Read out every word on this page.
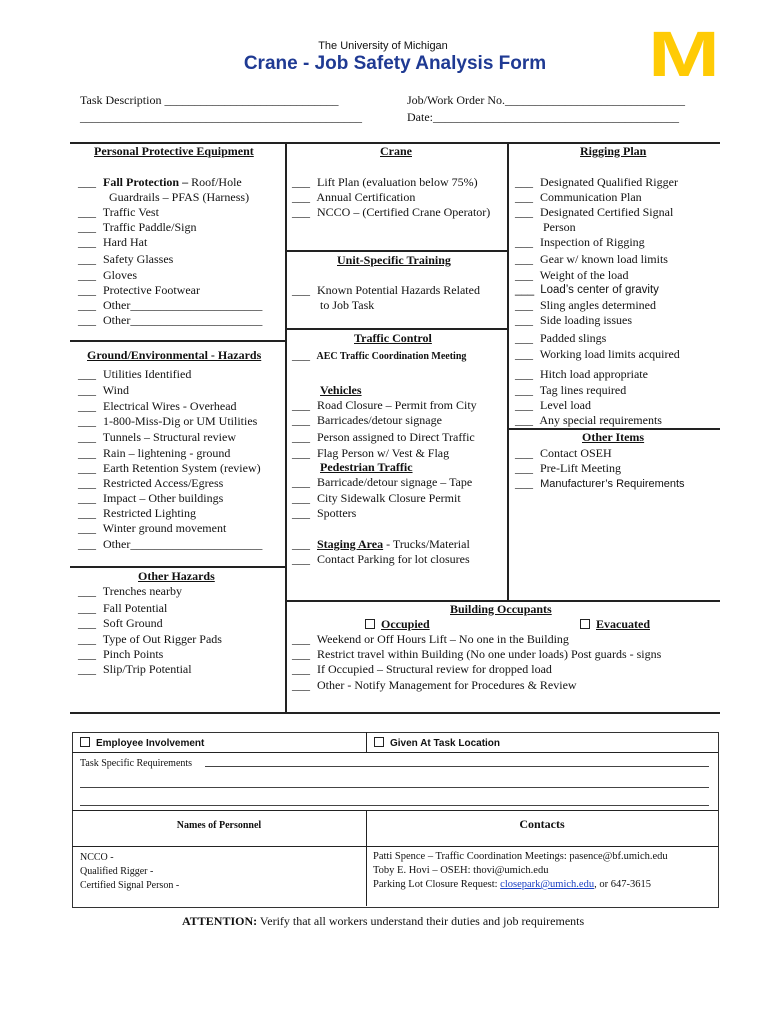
The University of Michigan
Crane - Job Safety Analysis Form	M
Task Description _____________________________
_______________________________________________
Job/Work Order No.______________________________
Date:_________________________________________
Personal Protective Equipment
___ Fall Protection – Roof/Hole
Guardrails – PFAS (Harness)
___ Traffic Vest
___ Traffic Paddle/Sign
___ Hard Hat
___ Safety Glasses
___ Gloves
___ Protective Footwear
___ Other______________________
___ Other______________________
Ground/Environmental - Hazards
___ Utilities Identified
___ Wind
___ Electrical Wires - Overhead
___ 1-800-Miss-Dig or UM Utilities
___ Tunnels – Structural review
___ Rain – lightening - ground
___ Earth Retention System (review)
___ Restricted Access/Egress
___ Impact – Other buildings
___ Restricted Lighting
___ Winter ground movement
___ Other______________________
Other Hazards
___ Trenches nearby
___ Fall Potential
___ Soft Ground
___ Type of Out Rigger Pads
___ Pinch Points
___ Slip/Trip Potential
Crane
___ Lift Plan (evaluation below 75%)
___ Annual Certification
___ NCCO – (Certified Crane Operator)
Unit-Specific Training
___ Known Potential Hazards Related
to Job Task
Traffic Control
___ AEC Traffic Coordination Meeting
Vehicles
___ Road Closure – Permit from City
___ Barricades/detour signage
___ Person assigned to Direct Traffic
___ Flag Person w/ Vest & Flag
Pedestrian Traffic
___ Barricade/detour signage – Tape
___ City Sidewalk Closure Permit
___ Spotters
___ Staging Area - Trucks/Material
___ Contact Parking for lot closures
Rigging Plan
___ Designated Qualified Rigger
___ Communication Plan
___ Designated Certified Signal
Person
___ Inspection of Rigging
___ Gear w/ known load limits
___ Weight of the load
___ Load’s center of gravity
___ Sling angles determined
___ Side loading issues
___ Padded slings
___ Working load limits acquired
___ Hitch load appropriate
___ Tag lines required
___ Level load
___ Any special requirements
Other Items
___ Contact OSEH
___ Pre-Lift Meeting
___ Manufacturer’s Requirements
Building Occupants
Occupied	Evacuated
___ Weekend or Off Hours Lift – No one in the Building
___ Restrict travel within Building (No one under loads) Post guards - signs
___ If Occupied – Structural review for dropped load
___ Other - Notify Management for Procedures & Review
Employee Involvement	Given At Task Location
Task Specific Requirements
Names of Personnel	Contacts
NCCO -
Qualified Rigger -
Certified Signal Person -
Patti Spence – Traffic Coordination Meetings: pasence@bf.umich.edu
Toby E. Hovi – OSEH: thovi@umich.edu
Parking Lot Closure Request: closepark@umich.edu, or 647-3615
ATTENTION: Verify that all workers understand their duties and job requirements
